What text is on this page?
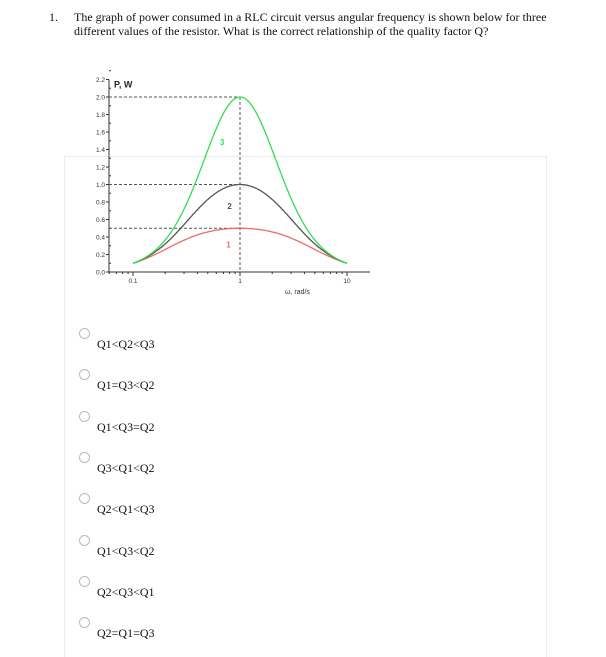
1. The graph of power consumed in a RLC circuit versus angular frequency is shown below for three different values of the resistor. What is the correct relationship of the quality factor Q?
0.0
0.2
0.4
0.6
0.8
1.0
1.2
1.4
1.6
1.8
2.0
2.2
0.1	1	10
P, W
ω, rad/s
1
2
3
Q1<Q2<Q3
Q1=Q3<Q2
Q1<Q3=Q2
Q3<Q1<Q2
Q2<Q1<Q3
Q1<Q3<Q2
Q2<Q3<Q1
Q2=Q1=Q3
